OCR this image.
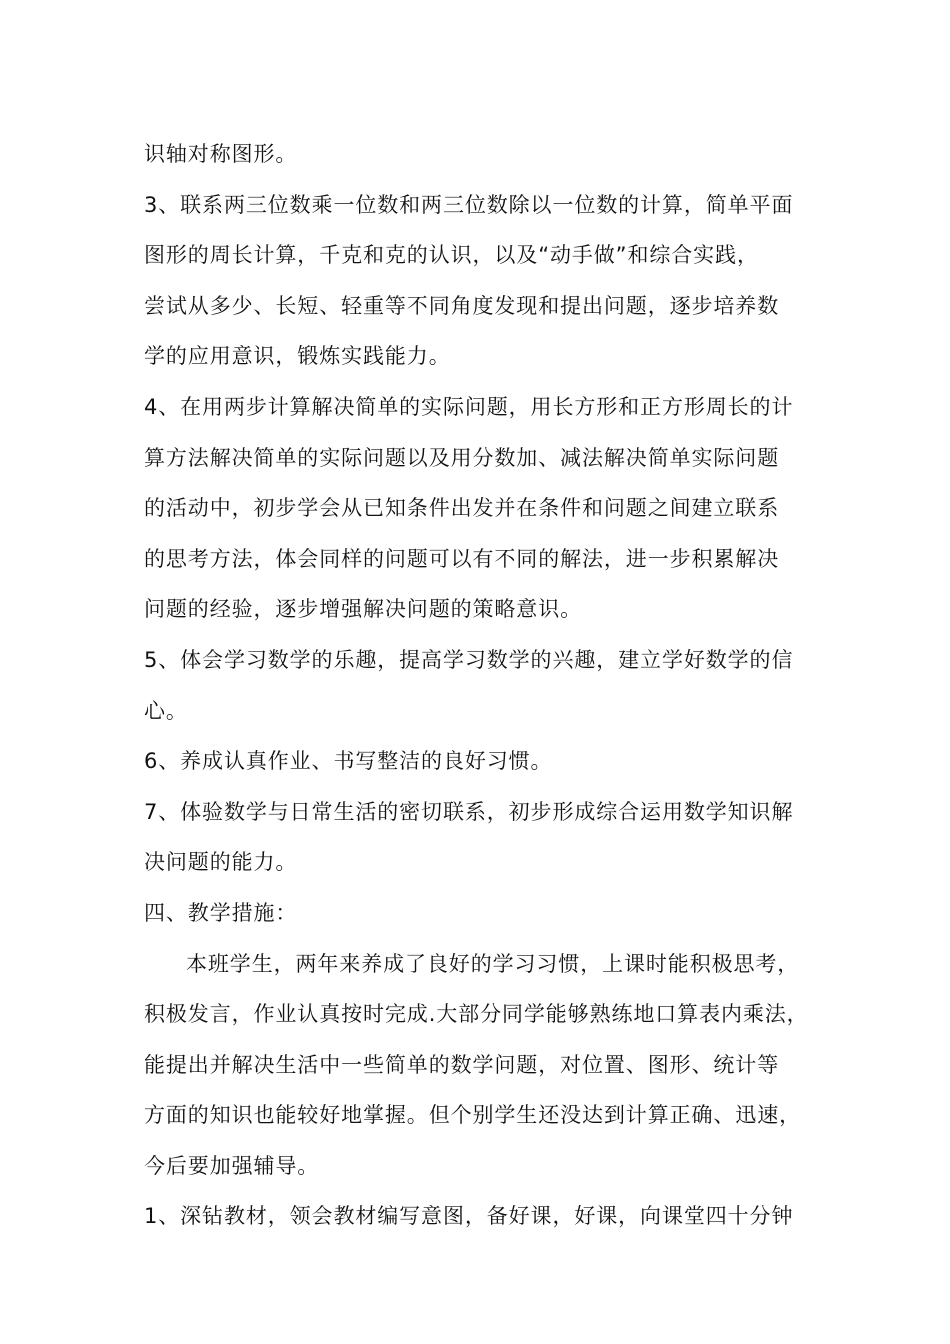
识轴对称图形。
3、联系两三位数乘一位数和两三位数除以一位数的计算，简单平面
图形的周长计算，千克和克的认识，以及“动手做”和综合实践，
尝试从多少、长短、轻重等不同角度发现和提出问题，逐步培养数
学的应用意识，锻炼实践能力。
4、在用两步计算解决简单的实际问题，用长方形和正方形周长的计
算方法解决简单的实际问题以及用分数加、减法解决简单实际问题
的活动中，初步学会从已知条件出发并在条件和问题之间建立联系
的思考方法，体会同样的问题可以有不同的解法，进一步积累解决
问题的经验，逐步增强解决问题的策略意识。
5、体会学习数学的乐趣，提高学习数学的兴趣，建立学好数学的信
心。
6、养成认真作业、书写整洁的良好习惯。
7、体验数学与日常生活的密切联系，初步形成综合运用数学知识解
决问题的能力。
四、教学措施：
本班学生，两年来养成了良好的学习习惯，上课时能积极思考，
积极发言，作业认真按时完成.大部分同学能够熟练地口算表内乘法，
能提出并解决生活中一些简单的数学问题，对位置、图形、统计等
方面的知识也能较好地掌握。但个别学生还没达到计算正确、迅速，
今后要加强辅导。
1、深钻教材，领会教材编写意图，备好课，好课，向课堂四十分钟
